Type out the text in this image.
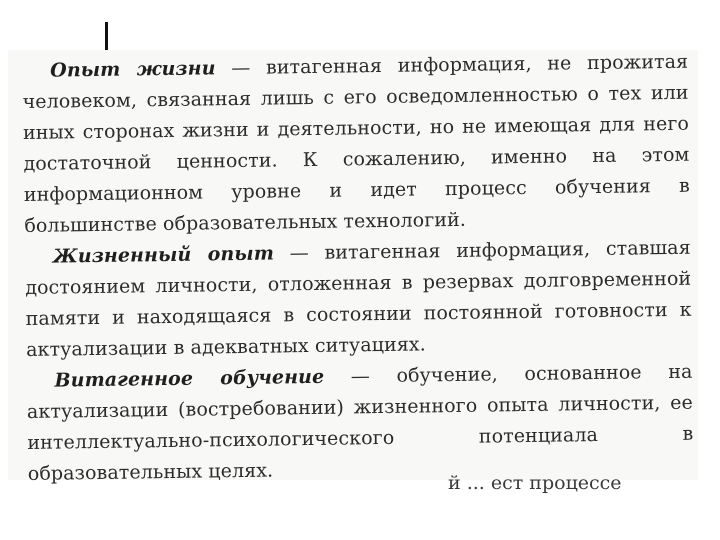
Опыт жизни — витагенная информация, не прожитая человеком, связанная лишь с его осведомленностью о тех или иных сторонах жизни и деятельности, но не имеющая для него достаточной ценности. К сожалению, именно на этом информационном уровне и идет процесс обучения в большинстве образовательных технологий.

Жизненный опыт — витагенная информация, ставшая достоянием личности, отложенная в резервах долговременной памяти и находящаяся в состоянии постоянной готовности к актуализации в адекватных ситуациях.

Витагенное обучение — обучение, основанное на актуализации (востребовании) жизненного опыта личности, ее интеллектуально-психологического потенциала в образовательных целях.	й ... ест процессе
